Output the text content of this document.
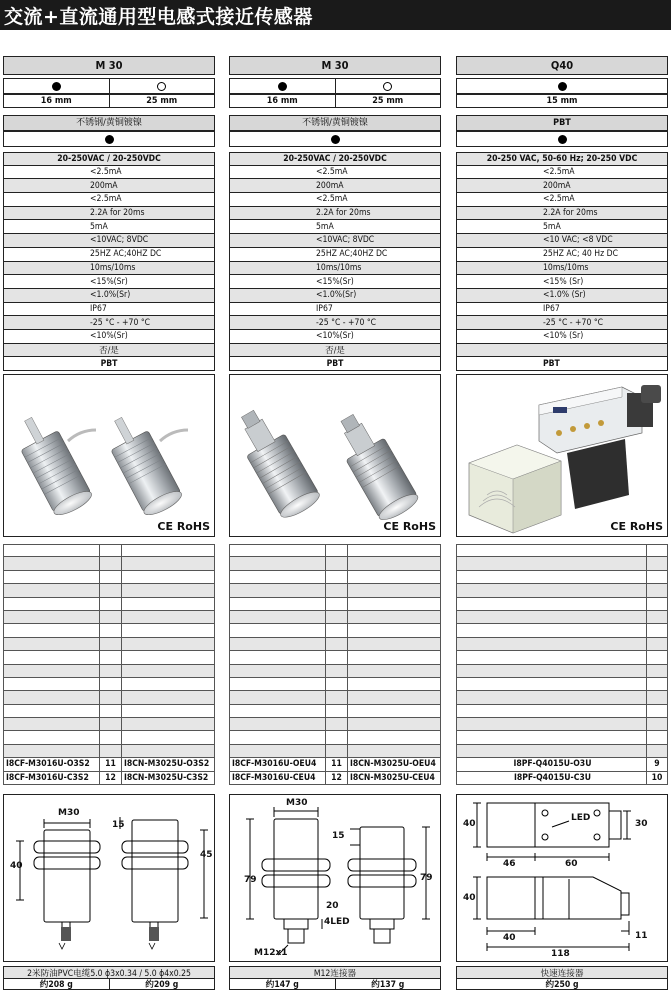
交流+直流通用型电感式接近传感器
M 30
16 mm	25 mm
不锈钢/黄铜镀镍
20-250VAC / 20-250VDC
<2.5mA
200mA
<2.5mA
2.2A for 20ms
5mA
<10VAC; 8VDC
25HZ AC;40HZ DC
10ms/10ms
<15%(Sr)
<1.0%(Sr)
IP67
-25 °C - +70 °C
<10%(Sr)
否/是
PBT
CE RoHS
I8CF-M3016U-O3S2	11 I8CN-M3025U-O3S2
I8CF-M3016U-C3S2	12 I8CN-M3025U-C3S2
M30
15
45
40
2米防油PVC电缆5.0 ϕ3x0.34 / 5.0 ϕ4x0.25
约208 g	约209 g
M 30
16 mm	25 mm
不锈钢/黄铜镀镍
20-250VAC / 20-250VDC
<2.5mA
200mA
<2.5mA
2.2A for 20ms
5mA
<10VAC; 8VDC
25HZ AC;40HZ DC
10ms/10ms
<15%(Sr)
<1.0%(Sr)
IP67
-25 °C - +70 °C
<10%(Sr)
否/是
PBT
CE RoHS
I8CF-M3016U-OEU4	11 I8CN-M3025U-OEU4
I8CF-M3016U-CEU4	12 I8CN-M3025U-CEU4
M30
15
79	79
20
4LED
M12x1
M12连接器
约147 g	约137 g
Q40
15 mm
PBT
20-250 VAC, 50-60 Hz; 20-250 VDC
<2.5mA
200mA
<2.5mA
2.2A for 20ms
5mA
<10 VAC; <8 VDC
25HZ AC; 40 Hz DC
10ms/10ms
<15% (Sr)
<1.0% (Sr)
IP67
-25 °C - +70 °C
<10% (Sr)
PBT
CE RoHS
I8PF-Q4015U-O3U	9
I8PF-Q4015U-C3U	10
LED
40	30
46	60
40
40	11
118
快速连接器
约250 g
